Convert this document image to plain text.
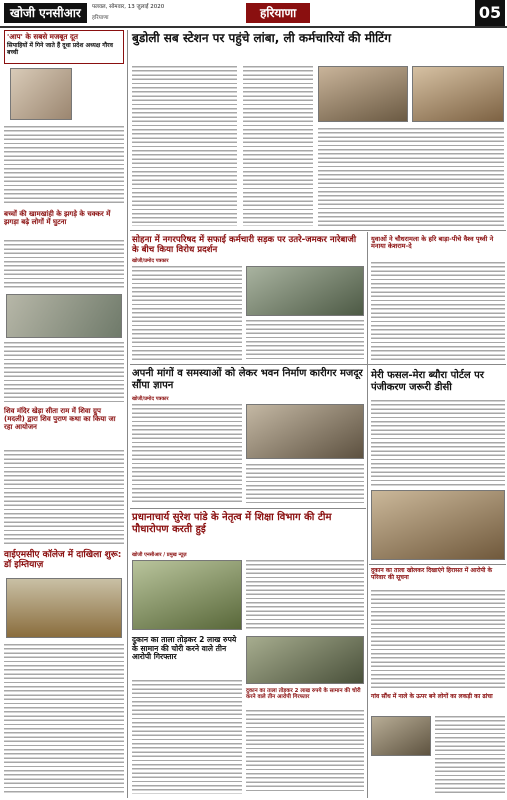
खोजी एनसीआर	पलवल, सोमवार, 13 जुलाई 2020
हरियाणा	हरियाणा	05
'आप' के सबसे मजबूत दूत
सिपाहियों में गिने जाते हैं दूधा प्रदेश अध्यक्ष गौरव बच्ची
बच्चों की खामखांही के झगड़े के चक्कर में झगड़ा बढ़े लोगों में घुटना
शिव मंदिर खेड़ा सीता राम में शिवा ग्रुप (मदली) द्वारा शिव पुराण कथा का किया जा रहा आयोजन
वाईएमसीए कॉलेज में दाखिला शुरू: डॉ इम्तियाज़
बुडोली सब स्टेशन पर पहुंचे लांबा, ली कर्मचारियों की मीटिंग
सोहना में नगरपरिषद में सफाई कर्मचारी सड़क पर उतरे-जमकर नारेबाजी के बीच किया विरोध प्रदर्शन
खोजी/प्रमोद पत्रकार
युवाओं ने चौधरामला के हरि बाड़ा-पीचे वैश्व पृथ्वी ने मनाया केशराम-दे
अपनी मांगों व समस्याओं को लेकर भवन निर्माण कारीगर मजदूर सौंपा ज्ञापन
खोजी/प्रमोद पत्रकार
मेरी फसल-मेरा ब्यौरा पोर्टल पर पंजीकरण जरूरी डीसी
प्रधानाचार्य सुरेश पांडे के नेतृत्व में शिक्षा विभाग की टीम पौधारोपण करती हुई
खोजी एनसीआर / प्रमुख न्यूज़
दुकान का ताला तोड़कर 2 लाख रुपये के सामान की चोरी करने वाले तीन आरोपी गिरफ्तार
दुकान का ताला तोड़कर 2 लाख रुपये के सामान की चोरी करने वाले तीन आरोपी गिरफ्तार
दुकान का ताला खोलकर दिखाएंगे हिरासत में आरोपी के परिवार की सूचना
गांव सौंध में नाले के ऊपर बने लोगों का लकड़ी का ढांचा
